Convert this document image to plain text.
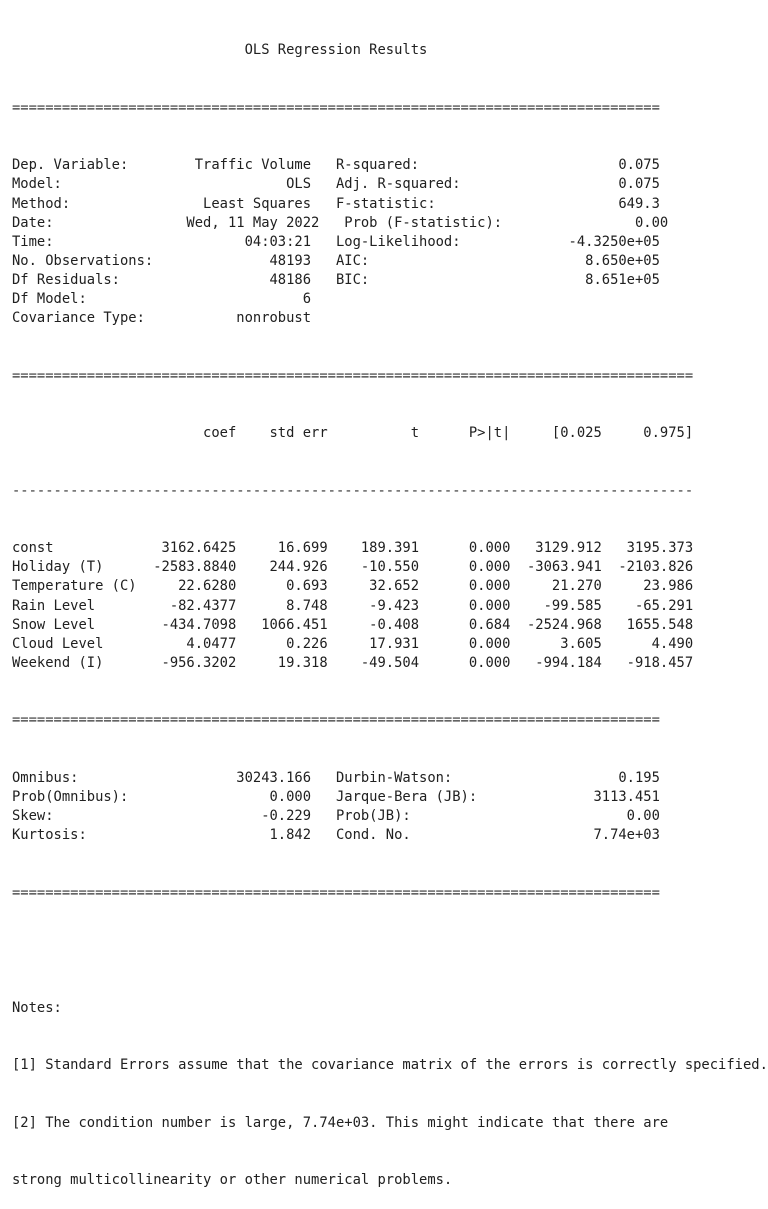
OLS Regression Results

==============================================================================

Dep. Variable:        Traffic Volume   R-squared:                        0.075
Model:                           OLS   Adj. R-squared:                   0.075
Method:                Least Squares   F-statistic:                      649.3
Date:                Wed, 11 May 2022   Prob (F-statistic):                0.00
Time:                       04:03:21   Log-Likelihood:             -4.3250e+05
No. Observations:              48193   AIC:                          8.650e+05
Df Residuals:                  48186   BIC:                          8.651e+05
Df Model:                          6
Covariance Type:           nonrobust

==================================================================================

coef    std err          t      P>|t|     [0.025     0.975]

----------------------------------------------------------------------------------

const             3162.6425     16.699    189.391      0.000   3129.912   3195.373
Holiday (T)      -2583.8840    244.926    -10.550      0.000  -3063.941  -2103.826
Temperature (C)     22.6280      0.693     32.652      0.000     21.270     23.986
Rain Level         -82.4377      8.748     -9.423      0.000    -99.585    -65.291
Snow Level        -434.7098   1066.451     -0.408      0.684  -2524.968   1655.548
Cloud Level          4.0477      0.226     17.931      0.000      3.605      4.490
Weekend (I)       -956.3202     19.318    -49.504      0.000   -994.184   -918.457

==============================================================================

Omnibus:                   30243.166   Durbin-Watson:                    0.195
Prob(Omnibus):                 0.000   Jarque-Bera (JB):              3113.451
Skew:                         -0.229   Prob(JB):                          0.00
Kurtosis:                      1.842   Cond. No.                      7.74e+03

==============================================================================

Notes:

[1] Standard Errors assume that the covariance matrix of the errors is correctly specified.

[2] The condition number is large, 7.74e+03. This might indicate that there are

strong multicollinearity or other numerical problems.
